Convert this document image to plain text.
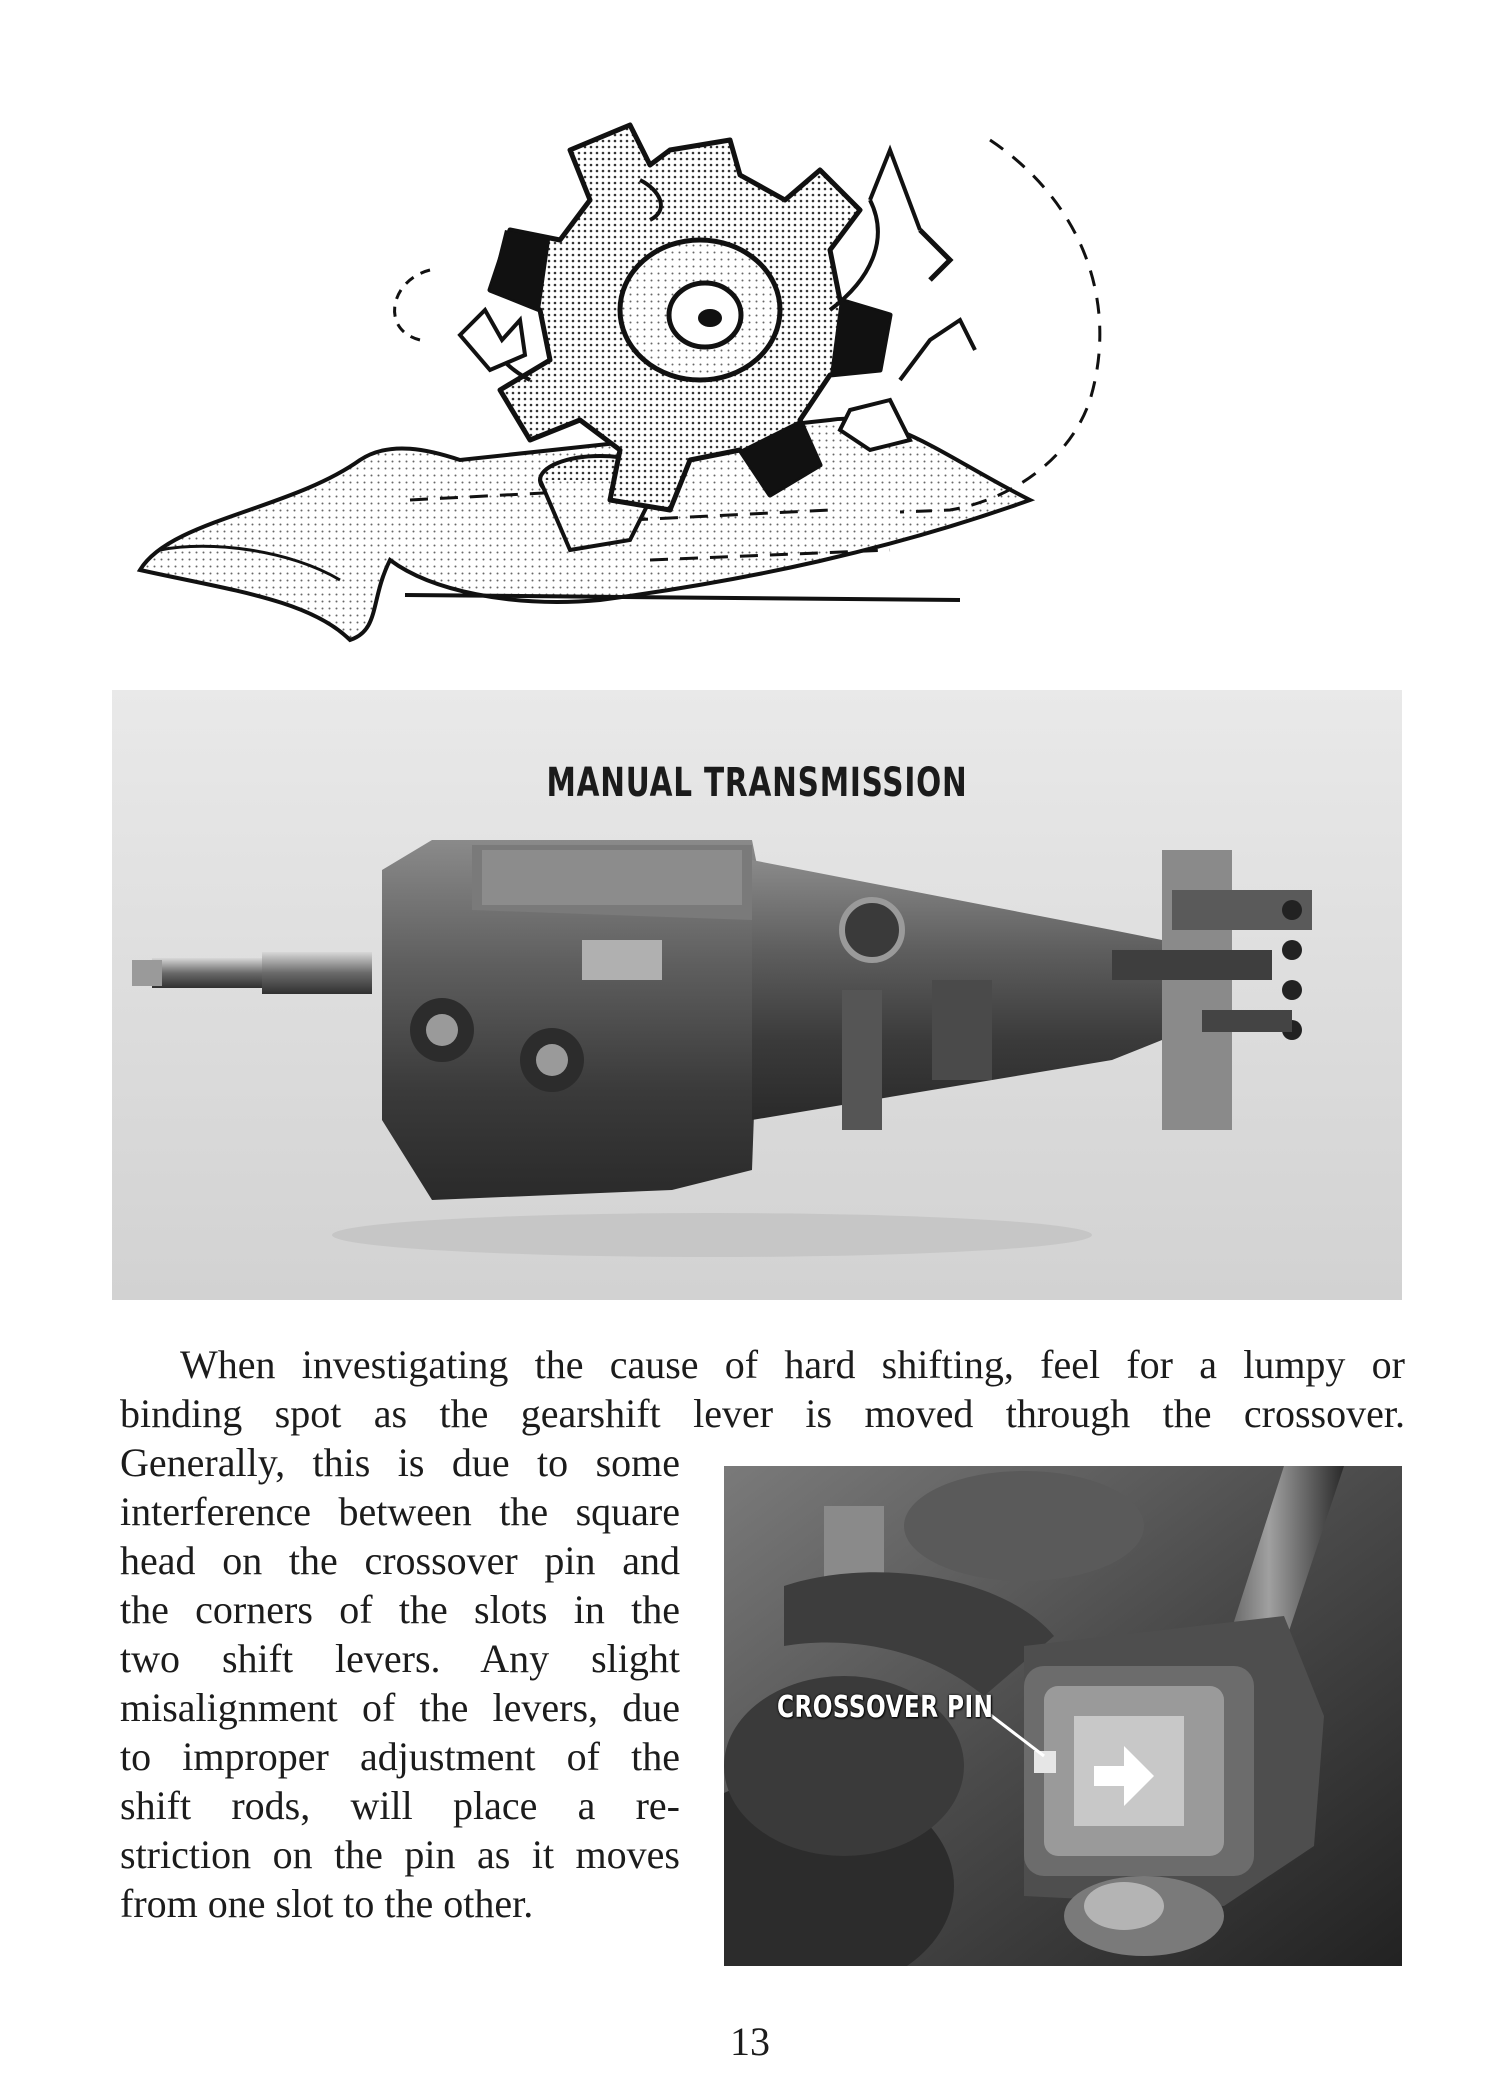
MANUAL TRANSMISSION
When investigating the cause of hard shifting, feel for a lumpy or
binding spot as the gearshift lever is moved through the crossover.
Generally, this is due to some
interference between the square
head on the crossover pin and
the corners of the slots in the
two shift levers. Any slight
misalignment of the levers, due
to improper adjustment of the
shift rods, will place a re-
striction on the pin as it moves
from one slot to the other.
CROSSOVER PIN
13
